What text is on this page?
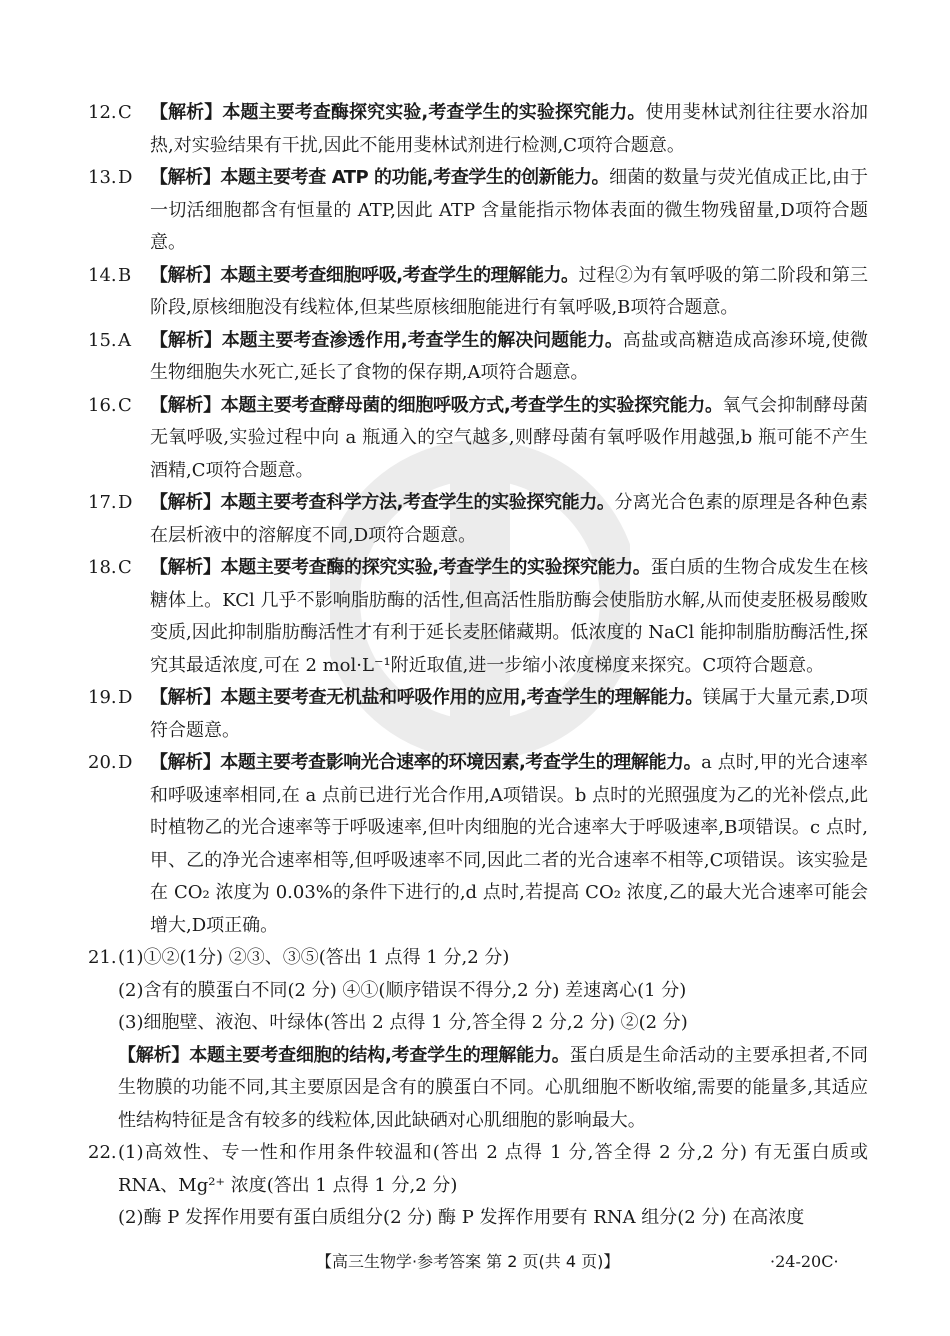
12. C	【解析】本题主要考查酶探究实验,考查学生的实验探究能力。使用斐林试剂往往要水浴加热,对实验结果有干扰,因此不能用斐林试剂进行检测,C项符合题意。
13. D 【解析】本题主要考查 ATP 的功能,考查学生的创新能力。细菌的数量与荧光值成正比,由于一切活细胞都含有恒量的 ATP,因此 ATP 含量能指示物体表面的微生物残留量,D项符合题意。
14. B	【解析】本题主要考查细胞呼吸,考查学生的理解能力。过程②为有氧呼吸的第二阶段和第三阶段,原核细胞没有线粒体,但某些原核细胞能进行有氧呼吸,B项符合题意。
15. A	【解析】本题主要考查渗透作用,考查学生的解决问题能力。高盐或高糖造成高渗环境,使微生物细胞失水死亡,延长了食物的保存期,A项符合题意。
16. C	【解析】本题主要考查酵母菌的细胞呼吸方式,考查学生的实验探究能力。氧气会抑制酵母菌无氧呼吸,实验过程中向 a 瓶通入的空气越多,则酵母菌有氧呼吸作用越强,b 瓶可能不产生酒精,C项符合题意。
17. D 【解析】本题主要考查科学方法,考查学生的实验探究能力。分离光合色素的原理是各种色素在层析液中的溶解度不同,D项符合题意。
18. C	【解析】本题主要考查酶的探究实验,考查学生的实验探究能力。蛋白质的生物合成发生在核糖体上。KCl 几乎不影响脂肪酶的活性,但高活性脂肪酶会使脂肪水解,从而使麦胚极易酸败变质,因此抑制脂肪酶活性才有利于延长麦胚储藏期。低浓度的 NaCl 能抑制脂肪酶活性,探究其最适浓度,可在 2 mol·L⁻¹附近取值,进一步缩小浓度梯度来探究。C项符合题意。
19. D 【解析】本题主要考查无机盐和呼吸作用的应用,考查学生的理解能力。镁属于大量元素,D项符合题意。
20. D 【解析】本题主要考查影响光合速率的环境因素,考查学生的理解能力。a 点时,甲的光合速率和呼吸速率相同,在 a 点前已进行光合作用,A项错误。b 点时的光照强度为乙的光补偿点,此时植物乙的光合速率等于呼吸速率,但叶肉细胞的光合速率大于呼吸速率,B项错误。c 点时,甲、乙的净光合速率相等,但呼吸速率不同,因此二者的光合速率不相等,C项错误。该实验是在 CO₂ 浓度为 0.03%的条件下进行的,d 点时,若提高 CO₂ 浓度,乙的最大光合速率可能会增大,D项正确。
21. (1)①②(1分) ②③、③⑤(答出 1 点得 1 分,2 分)
(2)含有的膜蛋白不同(2 分) ④①(顺序错误不得分,2 分) 差速离心(1 分)
(3)细胞壁、液泡、叶绿体(答出 2 点得 1 分,答全得 2 分,2 分) ②(2 分)
【解析】本题主要考查细胞的结构,考查学生的理解能力。蛋白质是生命活动的主要承担者,不同生物膜的功能不同,其主要原因是含有的膜蛋白不同。心肌细胞不断收缩,需要的能量多,其适应性结构特征是含有较多的线粒体,因此缺硒对心肌细胞的影响最大。
22. (1)高效性、专一性和作用条件较温和(答出 2 点得 1 分,答全得 2 分,2 分) 有无蛋白质或 RNA、Mg²⁺ 浓度(答出 1 点得 1 分,2 分)
(2)酶 P 发挥作用要有蛋白质组分(2 分) 酶 P 发挥作用要有 RNA 组分(2 分) 在高浓度
【高三生物学·参考答案 第 2 页(共 4 页)】	·24-20C·
